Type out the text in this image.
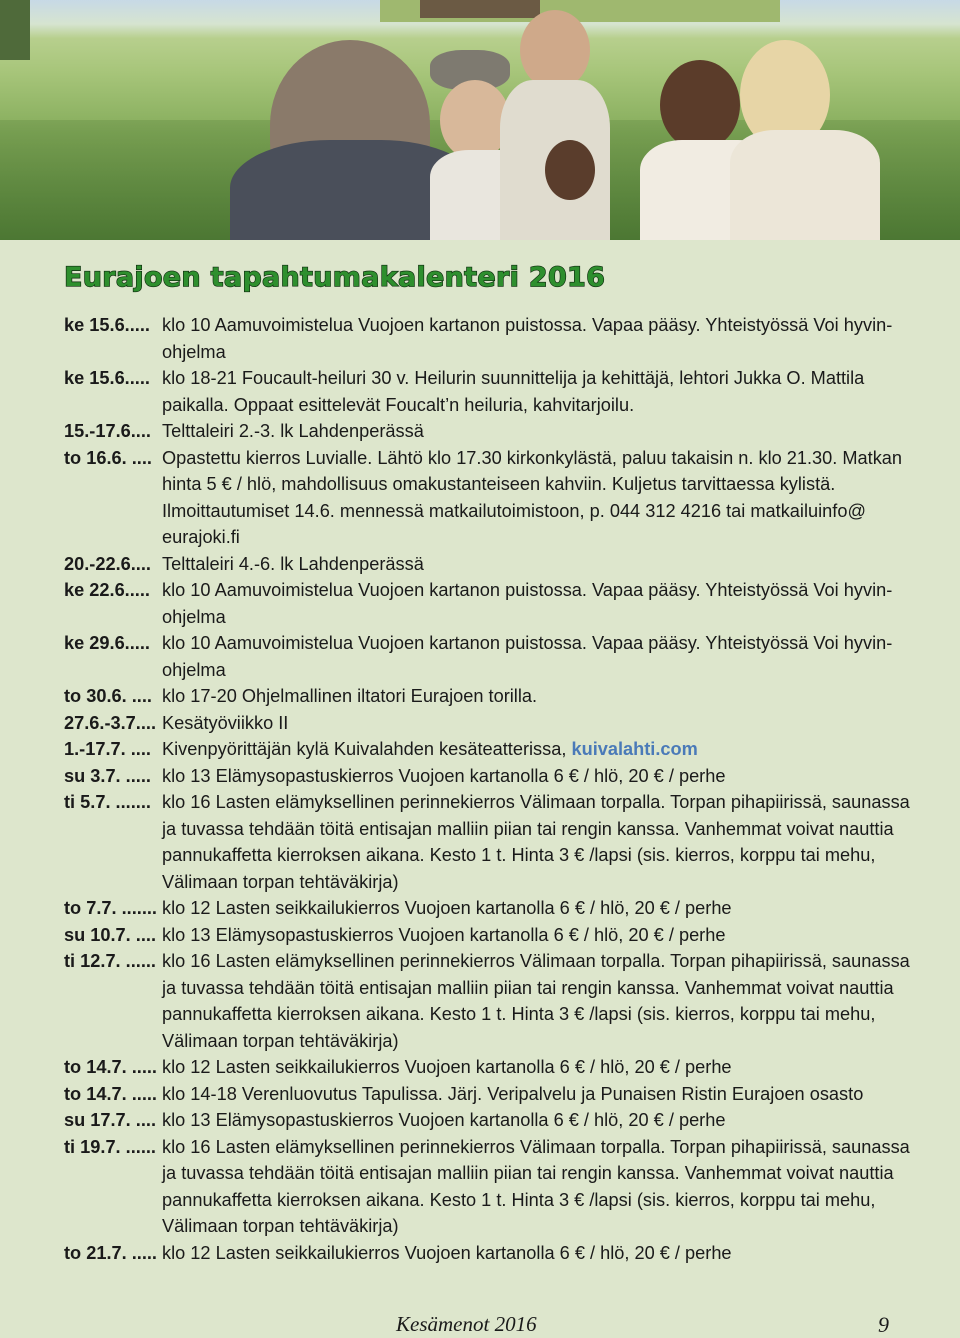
Eurajoen tapahtumakalenteri 2016
ke 15.6..... klo 10 Aamuvoimistelua Vuojoen kartanon puistossa. Vapaa pääsy. Yhteistyössä Voi hyvin-ohjelma
ke 15.6..... klo 18-21 Foucault-heiluri 30 v. Heilurin suunnittelija ja kehittäjä, lehtori Jukka O. Mattila paikalla. Oppaat esittelevät Foucalt’n heiluria, kahvitarjoilu.
15.-17.6.... Telttaleiri 2.-3. lk Lahdenperässä
to 16.6. .... Opastettu kierros Luvialle. Lähtö klo 17.30 kirkonkylästä, paluu takaisin n. klo 21.30. Matkan hinta 5 € / hlö, mahdollisuus omakustanteiseen kahviin. Kuljetus tarvittaessa kylistä. Ilmoittautumiset 14.6. mennessä matkailutoimistoon, p. 044 312 4216 tai matkailuinfo@ eurajoki.fi
20.-22.6.... Telttaleiri 4.-6. lk Lahdenperässä
ke 22.6..... klo 10 Aamuvoimistelua Vuojoen kartanon puistossa. Vapaa pääsy. Yhteistyössä Voi hyvin-ohjelma
ke 29.6..... klo 10 Aamuvoimistelua Vuojoen kartanon puistossa. Vapaa pääsy. Yhteistyössä Voi hyvin-ohjelma
to 30.6. .... klo 17-20 Ohjelmallinen iltatori Eurajoen torilla.
27.6.-3.7.... Kesätyöviikko II
1.-17.7. .... Kivenpyörittäjän kylä Kuivalahden kesäteatterissa, kuivalahti.com
su 3.7. ..... klo 13 Elämysopastuskierros Vuojoen kartanolla 6 € / hlö, 20 € / perhe
ti 5.7. ....... klo 16 Lasten elämyksellinen perinnekierros Välimaan torpalla. Torpan pihapiirissä, saunassa ja tuvassa tehdään töitä entisajan malliin piian tai rengin kanssa. Vanhemmat voivat nauttia pannukaffetta kierroksen aikana. Kesto 1 t. Hinta 3 € /lapsi (sis. kierros, korppu tai mehu, Välimaan torpan tehtäväkirja)
to 7.7. ....... klo 12 Lasten seikkailukierros Vuojoen kartanolla 6 € / hlö, 20 € / perhe
su 10.7. .... klo 13 Elämysopastuskierros Vuojoen kartanolla 6 € / hlö, 20 € / perhe
ti 12.7. ...... klo 16 Lasten elämyksellinen perinnekierros Välimaan torpalla. Torpan pihapiirissä, saunassa ja tuvassa tehdään töitä entisajan malliin piian tai rengin kanssa. Vanhemmat voivat nauttia pannukaffetta kierroksen aikana. Kesto 1 t. Hinta 3 € /lapsi (sis. kierros, korppu tai mehu, Välimaan torpan tehtäväkirja)
to 14.7. ..... klo 12 Lasten seikkailukierros Vuojoen kartanolla 6 € / hlö, 20 € / perhe
to 14.7. ..... klo 14-18 Verenluovutus Tapulissa. Järj. Veripalvelu ja Punaisen Ristin Eurajoen osasto
su 17.7. .... klo 13 Elämysopastuskierros Vuojoen kartanolla 6 € / hlö, 20 € / perhe
ti 19.7. ...... klo 16 Lasten elämyksellinen perinnekierros Välimaan torpalla. Torpan pihapiirissä, saunassa ja tuvassa tehdään töitä entisajan malliin piian tai rengin kanssa. Vanhemmat voivat nauttia pannukaffetta kierroksen aikana. Kesto 1 t. Hinta 3 € /lapsi (sis. kierros, korppu tai mehu, Välimaan torpan tehtäväkirja)
to 21.7. ..... klo 12 Lasten seikkailukierros Vuojoen kartanolla 6 € / hlö, 20 € / perhe
Kesämenot 2016	9
